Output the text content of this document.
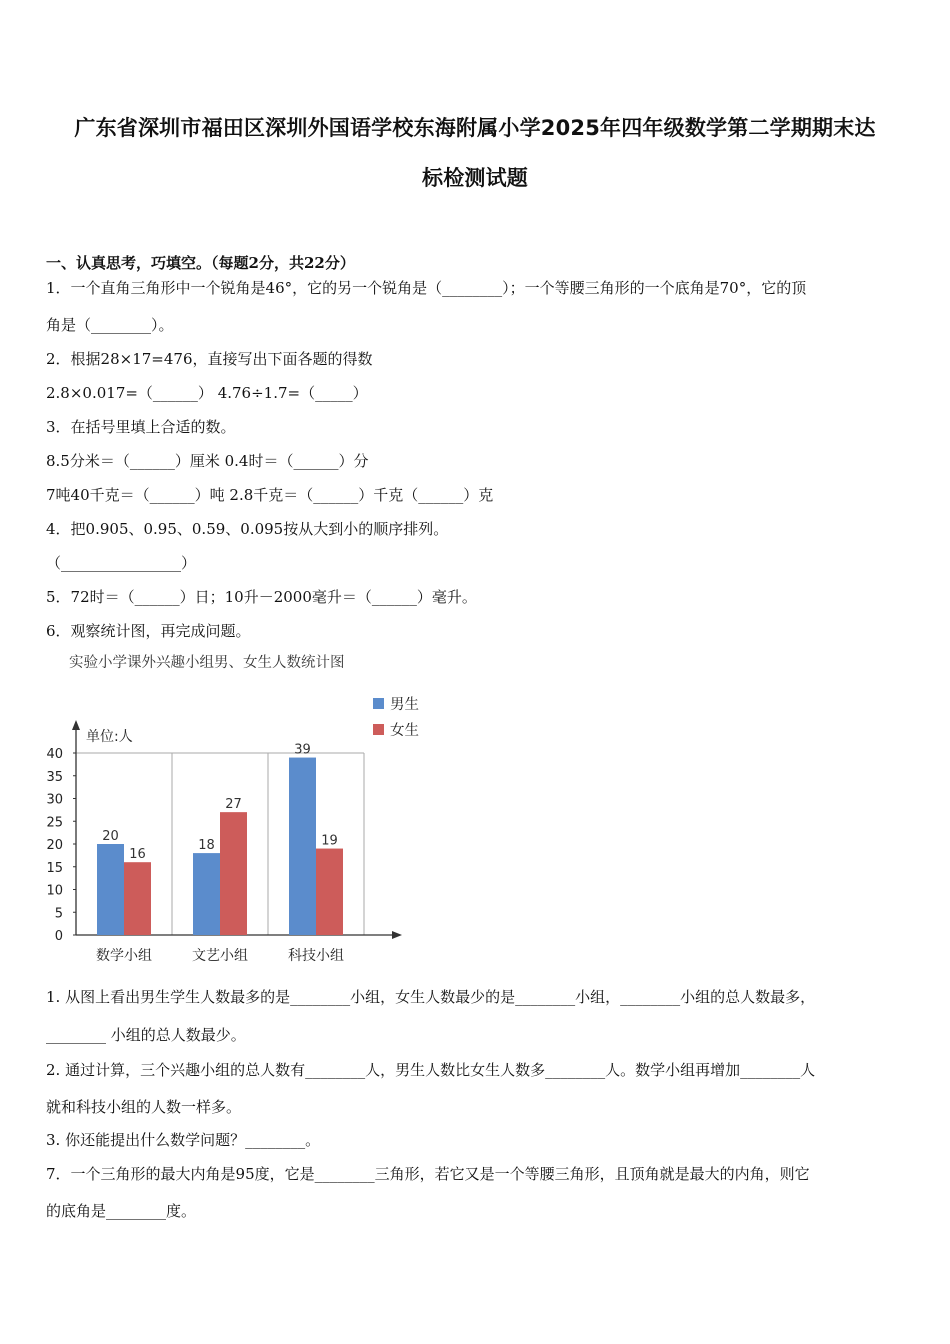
广东省深圳市福田区深圳外国语学校东海附属小学2025年四年级数学第二学期期末达
标检测试题
一、认真思考，巧填空。（每题2分，共22分）
1．一个直角三角形中一个锐角是46°，它的另一个锐角是（________）；一个等腰三角形的一个底角是70°，它的顶
角是（________）。
2．根据28×17=476，直接写出下面各题的得数
2.8×0.017=（______） 4.76÷1.7=（_____）
3．在括号里填上合适的数。
8.5分米＝（______）厘米 0.4时＝（______）分
7吨40千克＝（______）吨 2.8千克＝（______）千克（______）克
4．把0.905、0.95、0.59、0.095按从大到小的顺序排列。
（________________）
5．72时＝（______）日；10升－2000毫升＝（______）毫升。
6．观察统计图，再完成问题。
实验小学课外兴趣小组男、女生人数统计图
0
5
10
15
20
25
30
35
40
单位:人
20
16
数学小组
18
27
文艺小组
39
19
科技小组
男生
女生
1. 从图上看出男生学生人数最多的是________小组，女生人数最少的是________小组，________小组的总人数最多，
________ 小组的总人数最少。
2. 通过计算，三个兴趣小组的总人数有________人，男生人数比女生人数多________人。数学小组再增加________人
就和科技小组的人数一样多。
3. 你还能提出什么数学问题？________。
7．一个三角形的最大内角是95度，它是________三角形，若它又是一个等腰三角形，且顶角就是最大的内角，则它
的底角是________度。
